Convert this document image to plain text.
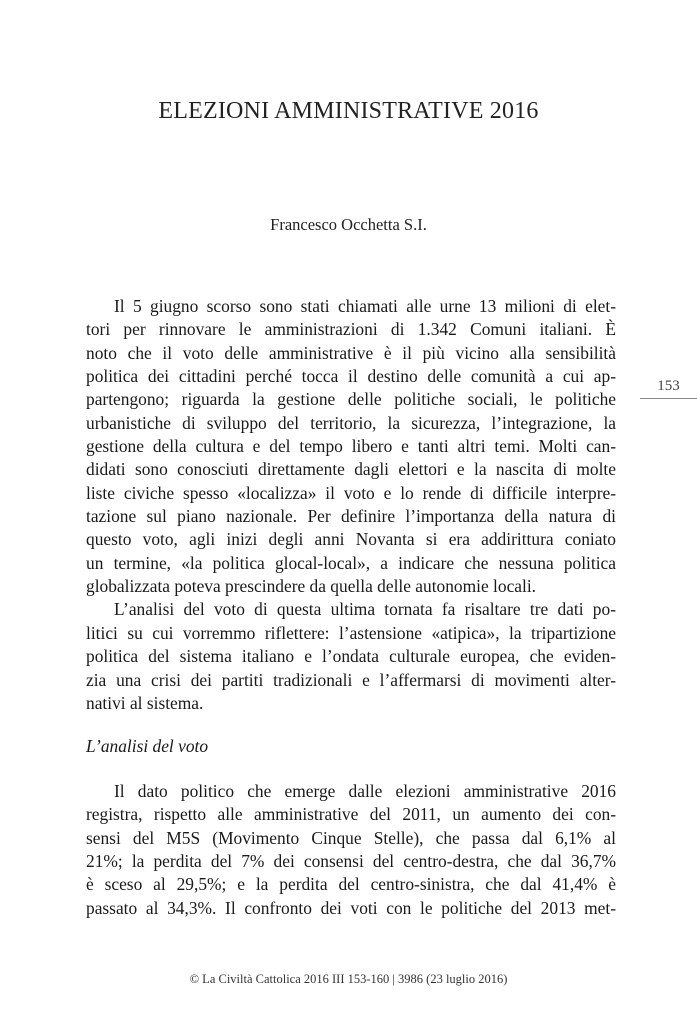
ELEZIONI AMMINISTRATIVE 2016
Francesco Occhetta S.I.
153
Il 5 giugno scorso sono stati chiamati alle urne 13 milioni di elet-
tori per rinnovare le amministrazioni di 1.342 Comuni italiani. È
noto che il voto delle amministrative è il più vicino alla sensibilità
politica dei cittadini perché tocca il destino delle comunità a cui ap-
partengono; riguarda la gestione delle politiche sociali, le politiche
urbanistiche di sviluppo del territorio, la sicurezza, l’integrazione, la
gestione della cultura e del tempo libero e tanti altri temi. Molti can-
didati sono conosciuti direttamente dagli elettori e la nascita di molte
liste civiche spesso «localizza» il voto e lo rende di difficile interpre-
tazione sul piano nazionale. Per definire l’importanza della natura di
questo voto, agli inizi degli anni Novanta si era addirittura coniato
un termine, «la politica glocal-local», a indicare che nessuna politica
globalizzata poteva prescindere da quella delle autonomie locali.
L’analisi del voto di questa ultima tornata fa risaltare tre dati po-
litici su cui vorremmo riflettere: l’astensione «atipica», la tripartizione
politica del sistema italiano e l’ondata culturale europea, che eviden-
zia una crisi dei partiti tradizionali e l’affermarsi di movimenti alter-
nativi al sistema.
L’analisi del voto
Il dato politico che emerge dalle elezioni amministrative 2016
registra, rispetto alle amministrative del 2011, un aumento dei con-
sensi del M5S (Movimento Cinque Stelle), che passa dal 6,1% al
21%; la perdita del 7% dei consensi del centro-destra, che dal 36,7%
è sceso al 29,5%; e la perdita del centro-sinistra, che dal 41,4% è
passato al 34,3%. Il confronto dei voti con le politiche del 2013 met-
© La Civiltà Cattolica 2016 III 153-160 | 3986 (23 luglio 2016)
